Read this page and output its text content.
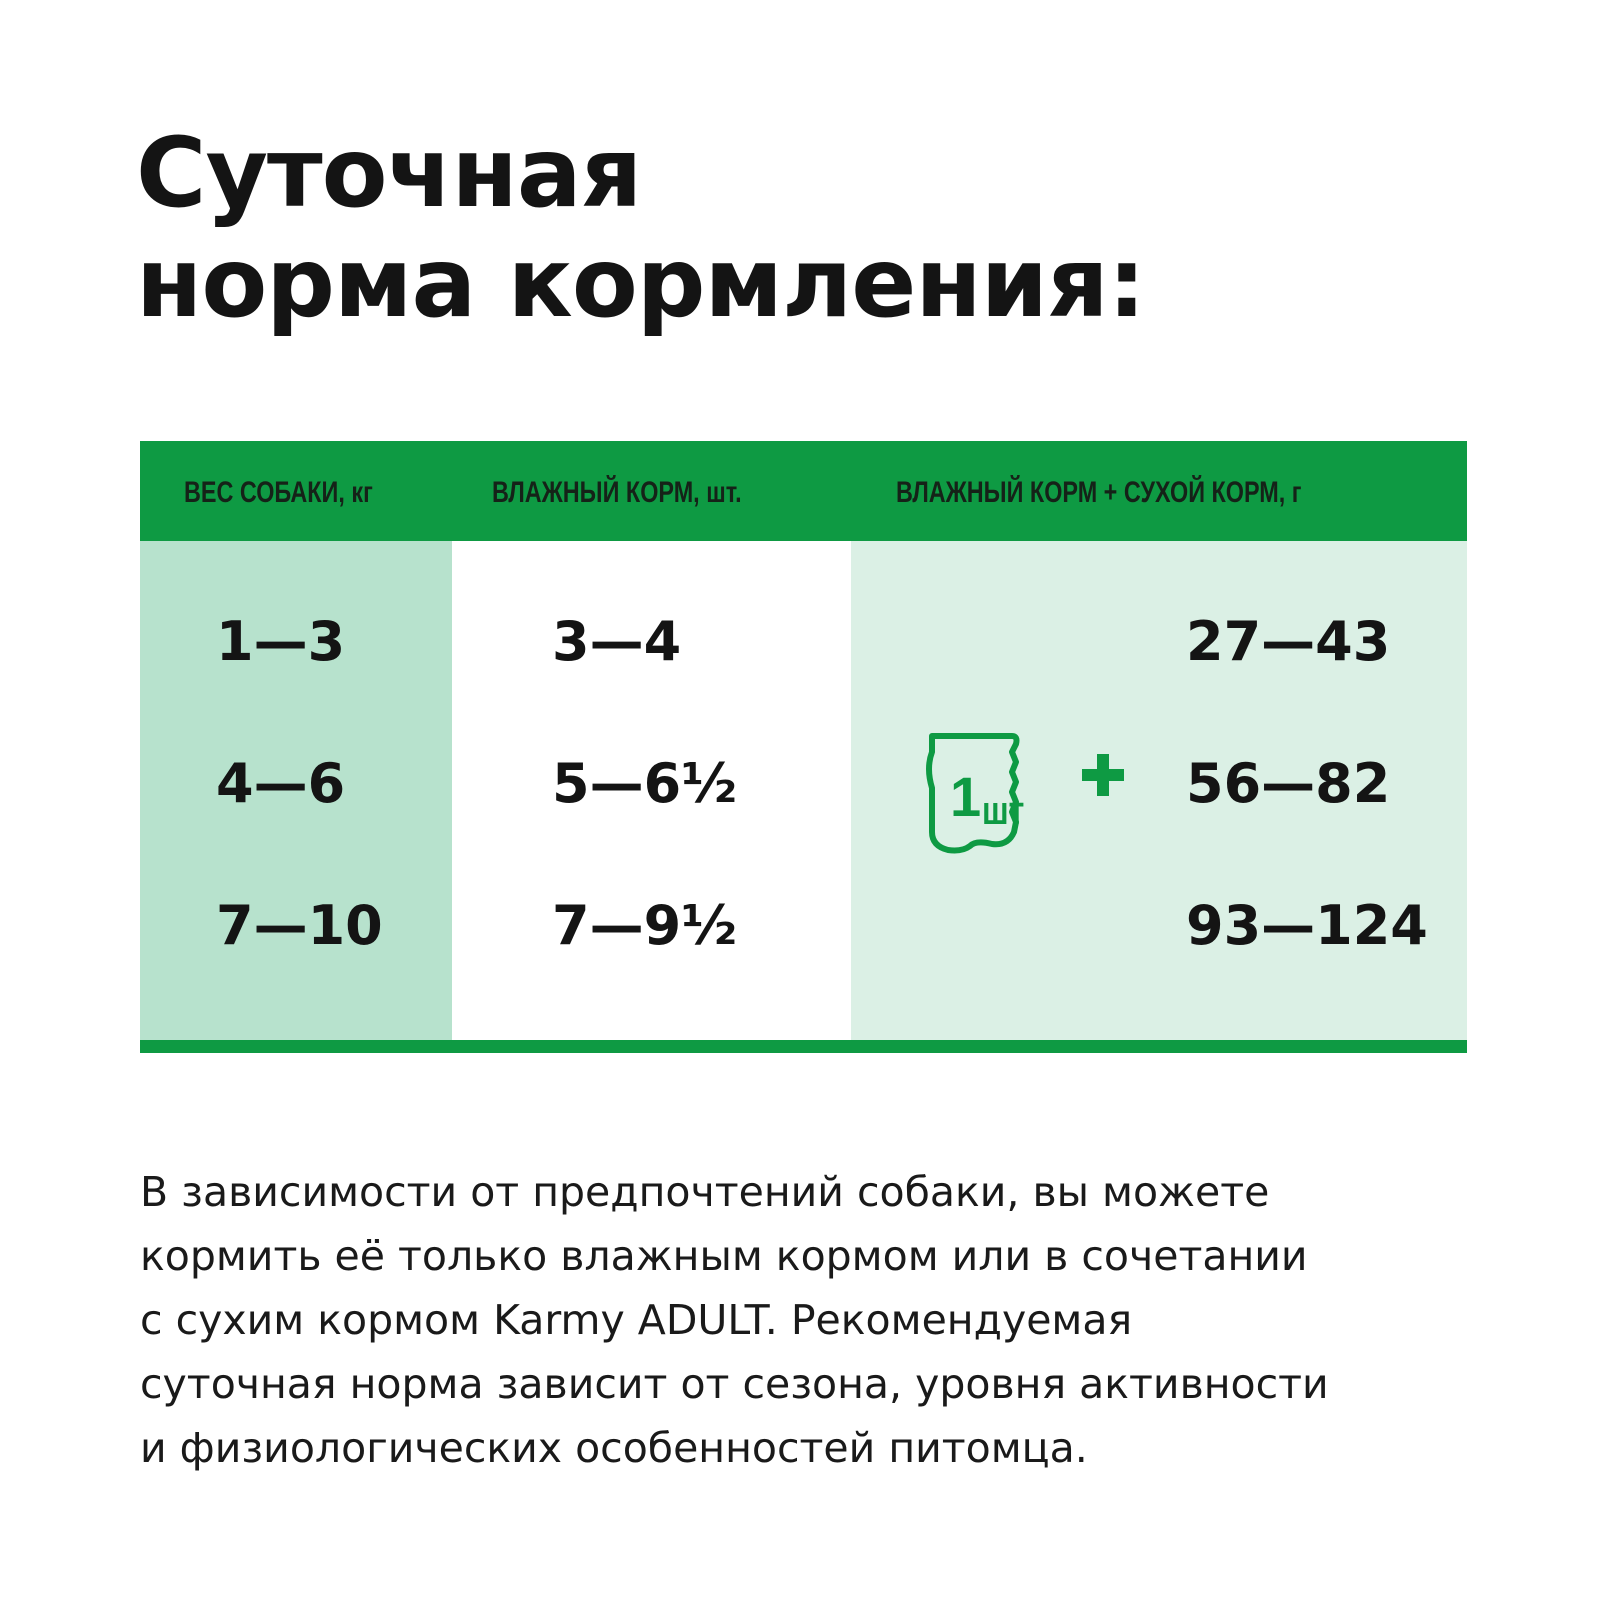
Суточная
норма кормления:
ВЕС СОБАКИ, кг	ВЛАЖНЫЙ КОРМ, шт.	ВЛАЖНЫЙ КОРМ + СУХОЙ КОРМ, г
1—3	3—4	27—43
4—6	5—6½	56—82
7—10	7—9½	93—124
1 шт

В зависимости от предпочтений собаки, вы можете
кормить её только влажным кормом или в сочетании
с сухим кормом Karmy ADULT. Рекомендуемая
суточная норма зависит от сезона, уровня активности
и физиологических особенностей питомца.
